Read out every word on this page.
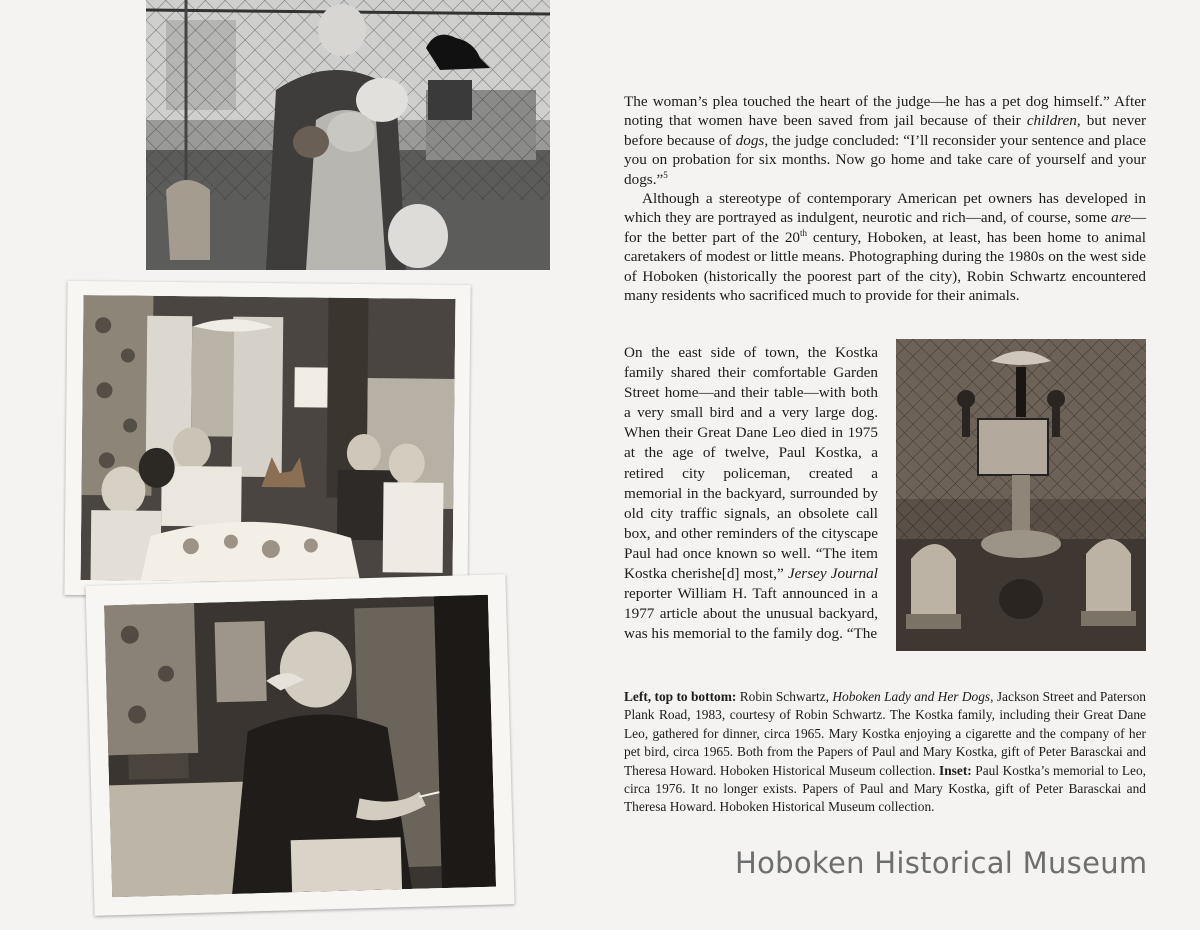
The woman’s plea touched the heart of the judge—he has a pet dog himself.” After noting that women have been saved from jail because of their children, but never before because of dogs, the judge concluded: “I’ll reconsider your sentence and place you on probation for six months. Now go home and take care of yourself and your dogs.”$^5$

Although a stereotype of contemporary American pet owners has developed in which they are portrayed as indulgent, neurotic and rich—and, of course, some are—for the better part of the 20th century, Hoboken, at least, has been home to animal caretakers of modest or little means. Photographing during the 1980s on the west side of Hoboken (historically the poorest part of the city), Robin Schwartz encountered many residents who sacrificed much to provide for their animals.

On the east side of town, the Kostka family shared their comfortable Garden Street home—and their table—with both a very small bird and a very large dog. When their Great Dane Leo died in 1975 at the age of twelve, Paul Kostka, a retired city policeman, created a memorial in the backyard, surrounded by old city traffic signals, an obsolete call box, and other reminders of the cityscape Paul had once known so well. “The item Kostka cherishe[d] most,” Jersey Journal reporter William H. Taft announced in a 1977 article about the unusual backyard, was his memorial to the family dog. “The

Left, top to bottom: Robin Schwartz, Hoboken Lady and Her Dogs, Jackson Street and Paterson Plank Road, 1983, courtesy of Robin Schwartz. The Kostka family, including their Great Dane Leo, gathered for dinner, circa 1965. Mary Kostka enjoying a cigarette and the company of her pet bird, circa 1965. Both from the Papers of Paul and Mary Kostka, gift of Peter Barasckai and Theresa Howard. Hoboken Historical Museum collection. Inset: Paul Kostka’s memorial to Leo, circa 1976. It no longer exists. Papers of Paul and Mary Kostka, gift of Peter Barasckai and Theresa Howard. Hoboken Historical Museum collection.
Hoboken Historical Museum
